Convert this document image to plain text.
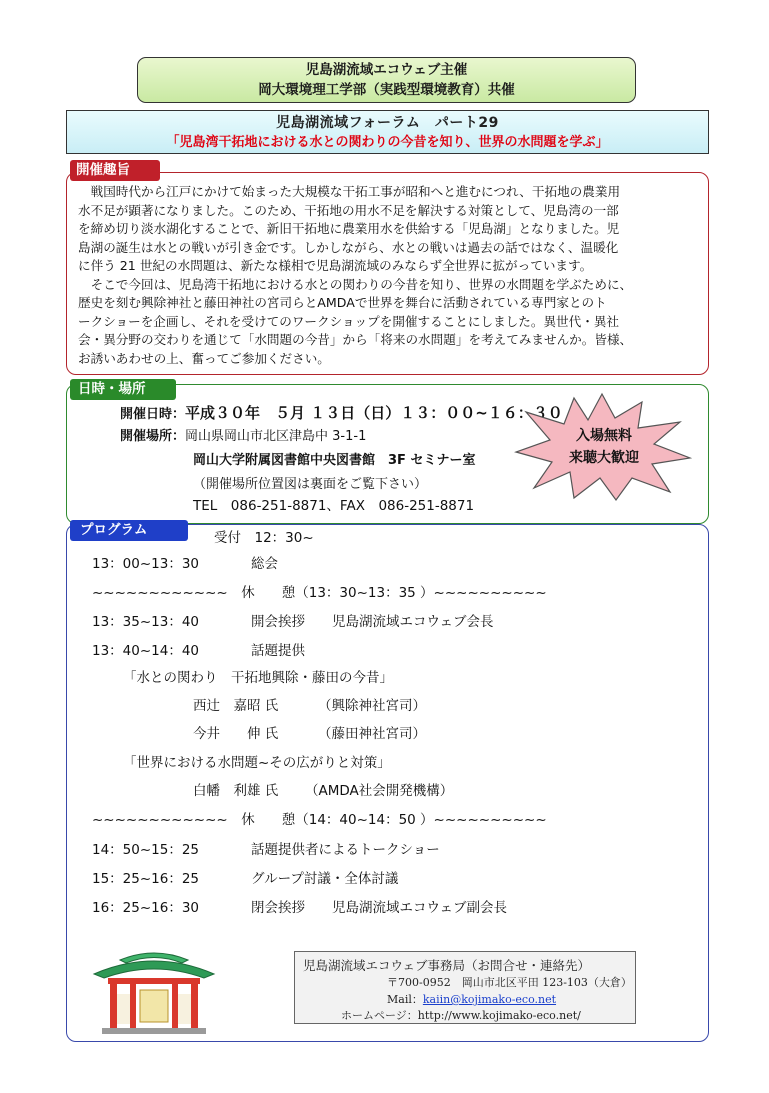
児島湖流域エコウェブ主催
岡大環境理工学部（実践型環境教育）共催
児島湖流域フォーラム　パート29
「児島湾干拓地における水との関わりの今昔を知り、世界の水問題を学ぶ」
開催趣旨
戦国時代から江戸にかけて始まった大規模な干拓工事が昭和へと進むにつれ、干拓地の農業用
水不足が顕著になりました。このため、干拓地の用水不足を解決する対策として、児島湾の一部
を締め切り淡水湖化することで、新旧干拓地に農業用水を供給する「児島湖」となりました。児
島湖の誕生は水との戦いが引き金です。しかしながら、水との戦いは過去の話ではなく、温暖化
に伴う 21 世紀の水問題は、新たな様相で児島湖流域のみならず全世界に拡がっています。
そこで今回は、児島湾干拓地における水との関わりの今昔を知り、世界の水問題を学ぶために、
歴史を刻む興除神社と藤田神社の宮司らとAMDAで世界を舞台に活動されている専門家とのト
ークショーを企画し、それを受けてのワークショップを開催することにしました。異世代・異社
会・異分野の交わりを通じて「水問題の今昔」から「将来の水問題」を考えてみませんか。皆様、
お誘いあわせの上、奮ってご参加ください。
日時・場所
開催日時：平成３０年　５月 １３日（日）１３：００~１６：３０
開催場所：岡山県岡山市北区津島中 3-1-1
岡山大学附属図書館中央図書館　3F セミナー室
（開催場所位置図は裏面をご覧下さい）
TEL　086-251-8871、FAX　086-251-8871
入場無料
来聴大歓迎
プログラム	受付　12：30~
13：00~13：30	総会
~~~~~~~~~~~~　休　　憩（13：30~13：35 ）~~~~~~~~~~
13：35~13：40	開会挨拶　　児島湖流域エコウェブ会長
13：40~14：40	話題提供
「水との関わり　干拓地興除・藤田の今昔」
西辻　嘉昭 氏	（興除神社宮司）
今井　　伸 氏	（藤田神社宮司）
「世界における水問題~その広がりと対策」
白幡　利雄 氏 （AMDA社会開発機構）
~~~~~~~~~~~~　休　　憩（14：40~14：50 ）~~~~~~~~~~
14：50~15：25	話題提供者によるトークショー
15：25~16：25	グループ討議・全体討議
16：25~16：30	閉会挨拶　　児島湖流域エコウェブ副会長
児島湖流域エコウェブ事務局（お問合せ・連絡先）
〒700-0952　岡山市北区平田 123-103（大倉）
Mail：kaiin@kojimako-eco.net
ホームページ：http://www.kojimako-eco.net/
